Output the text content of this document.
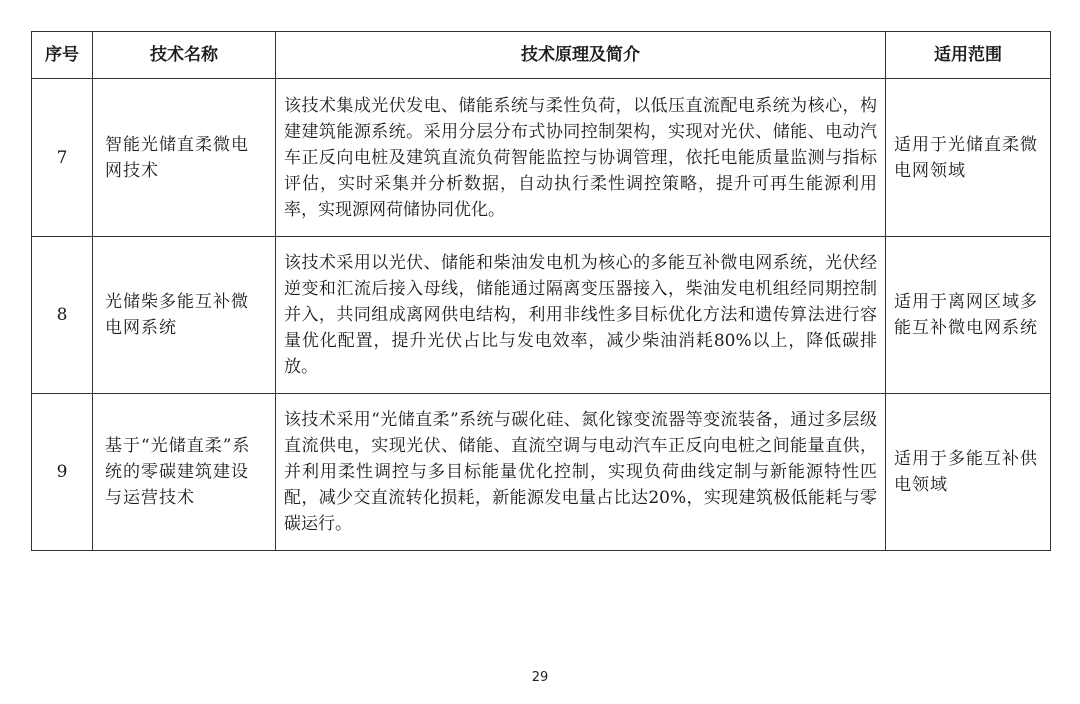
序号	技术名称	技术原理及简介	适用范围
7	智能光储直柔微电网技术	该技术集成光伏发电、储能系统与柔性负荷，以低压直流配电系统为核心，构建建筑能源系统。采用分层分布式协同控制架构，实现对光伏、储能、电动汽车正反向电桩及建筑直流负荷智能监控与协调管理，依托电能质量监测与指标评估，实时采集并分析数据，自动执行柔性调控策略，提升可再生能源利用率，实现源网荷储协同优化。	适用于光储直柔微电网领域
8	光储柴多能互补微电网系统	该技术采用以光伏、储能和柴油发电机为核心的多能互补微电网系统，光伏经逆变和汇流后接入母线，储能通过隔离变压器接入，柴油发电机组经同期控制并入，共同组成离网供电结构，利用非线性多目标优化方法和遗传算法进行容量优化配置，提升光伏占比与发电效率，减少柴油消耗80%以上，降低碳排放。	适用于离网区域多能互补微电网系统
9	基于“光储直柔”系统的零碳建筑建设与运营技术	该技术采用“光储直柔”系统与碳化硅、氮化镓变流器等变流装备，通过多层级直流供电，实现光伏、储能、直流空调与电动汽车正反向电桩之间能量直供，并利用柔性调控与多目标能量优化控制，实现负荷曲线定制与新能源特性匹配，减少交直流转化损耗，新能源发电量占比达20%，实现建筑极低能耗与零碳运行。	适用于多能互补供电领域
29
